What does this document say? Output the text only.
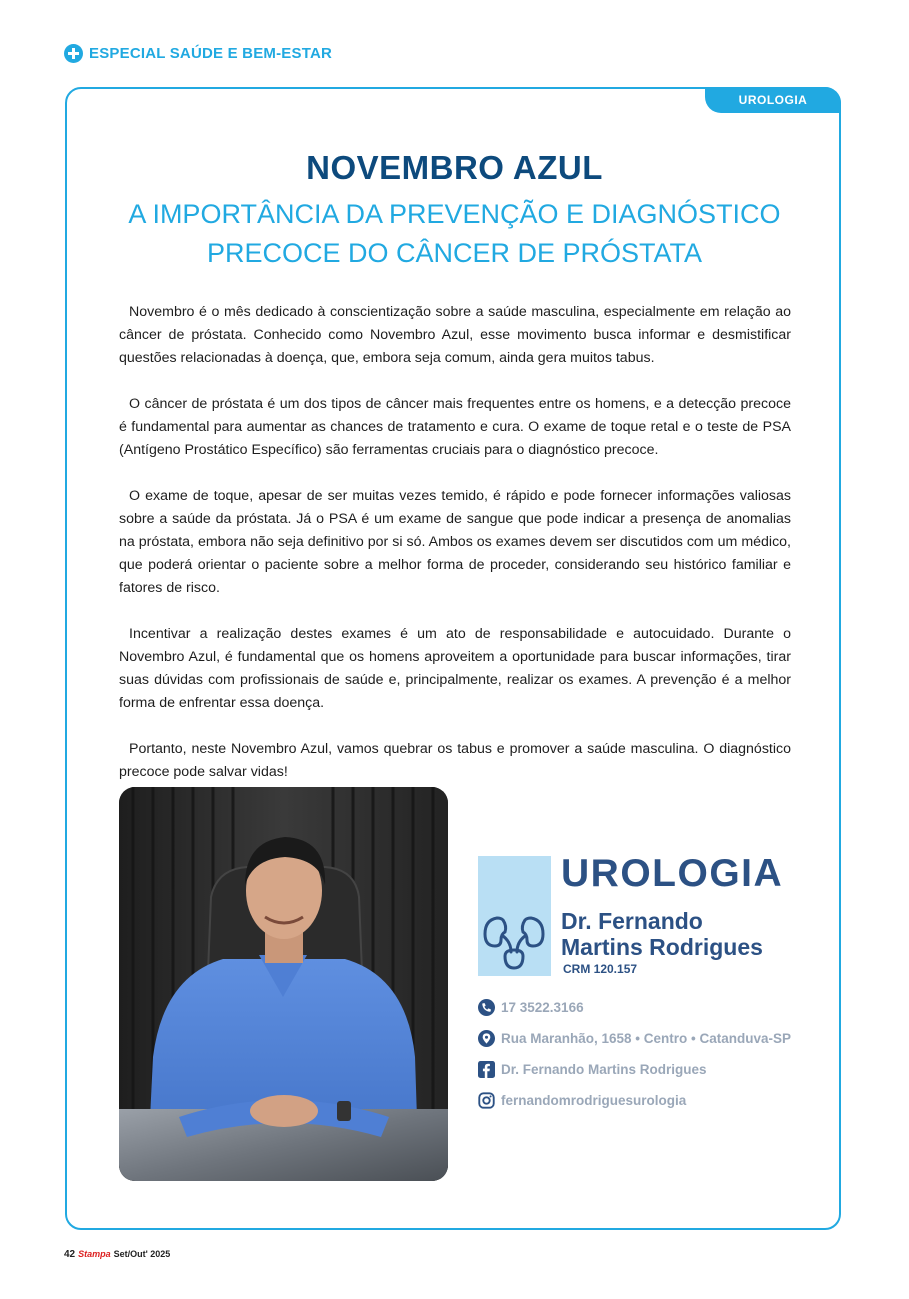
ESPECIAL SAÚDE E BEM-ESTAR
UROLOGIA
NOVEMBRO AZUL
A IMPORTÂNCIA DA PREVENÇÃO E DIAGNÓSTICO PRECOCE DO CÂNCER DE PRÓSTATA

Novembro é o mês dedicado à conscientização sobre a saúde masculina, especialmente em relação ao câncer de próstata. Conhecido como Novembro Azul, esse movimento busca informar e desmistificar questões relacionadas à doença, que, embora seja comum, ainda gera muitos tabus.

O câncer de próstata é um dos tipos de câncer mais frequentes entre os homens, e a detecção precoce é fundamental para aumentar as chances de tratamento e cura. O exame de toque retal e o teste de PSA (Antígeno Prostático Específico) são ferramentas cruciais para o diagnóstico precoce.

O exame de toque, apesar de ser muitas vezes temido, é rápido e pode fornecer informações valiosas sobre a saúde da próstata. Já o PSA é um exame de sangue que pode indicar a presença de anomalias na próstata, embora não seja definitivo por si só. Ambos os exames devem ser discutidos com um médico, que poderá orientar o paciente sobre a melhor forma de proceder, considerando seu histórico familiar e fatores de risco.

Incentivar a realização destes exames é um ato de responsabilidade e autocuidado. Durante o Novembro Azul, é fundamental que os homens aproveitem a oportunidade para buscar informações, tirar suas dúvidas com profissionais de saúde e, principalmente, realizar os exames. A prevenção é a melhor forma de enfrentar essa doença.

Portanto, neste Novembro Azul, vamos quebrar os tabus e promover a saúde masculina. O diagnóstico precoce pode salvar vidas!

UROLOGIA
Dr. Fernando
Martins Rodrigues
CRM 120.157
17 3522.3166
Rua Maranhão, 1658 • Centro • Catanduva-SP
Dr. Fernando Martins Rodrigues
fernandomrodriguesurologia
42 Stampa Set/Out' 2025
